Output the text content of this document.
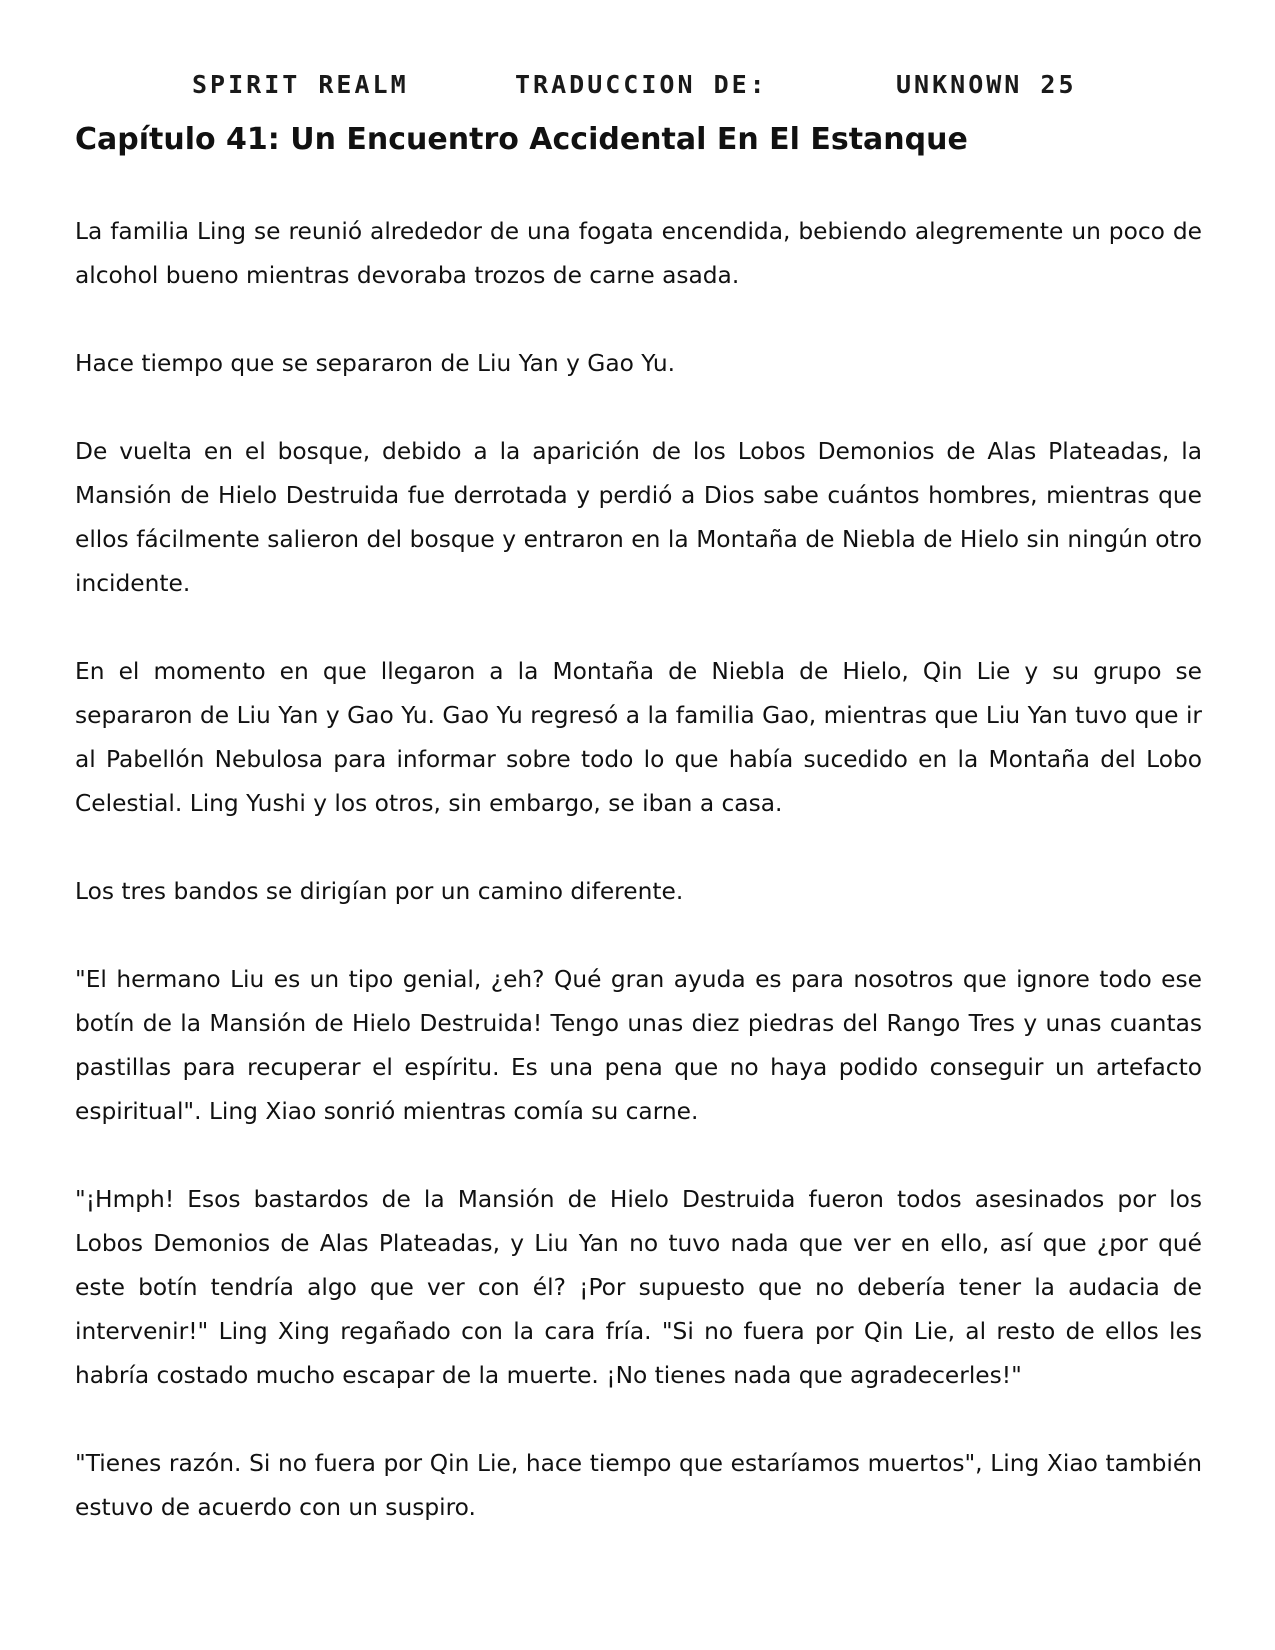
SPIRIT REALM	TRADUCCION DE:	UNKNOWN 25
Capítulo 41: Un Encuentro Accidental En El Estanque

La familia Ling se reunió alrededor de una fogata encendida, bebiendo alegremente un poco de alcohol bueno mientras devoraba trozos de carne asada.

Hace tiempo que se separaron de Liu Yan y Gao Yu.

De vuelta en el bosque, debido a la aparición de los Lobos Demonios de Alas Plateadas, la Mansión de Hielo Destruida fue derrotada y perdió a Dios sabe cuántos hombres, mientras que ellos fácilmente salieron del bosque y entraron en la Montaña de Niebla de Hielo sin ningún otro incidente.

En el momento en que llegaron a la Montaña de Niebla de Hielo, Qin Lie y su grupo se separaron de Liu Yan y Gao Yu. Gao Yu regresó a la familia Gao, mientras que Liu Yan tuvo que ir al Pabellón Nebulosa para informar sobre todo lo que había sucedido en la Montaña del Lobo Celestial. Ling Yushi y los otros, sin embargo, se iban a casa.

Los tres bandos se dirigían por un camino diferente.

"El hermano Liu es un tipo genial, ¿eh? Qué gran ayuda es para nosotros que ignore todo ese botín de la Mansión de Hielo Destruida! Tengo unas diez piedras del Rango Tres y unas cuantas pastillas para recuperar el espíritu. Es una pena que no haya podido conseguir un artefacto espiritual". Ling Xiao sonrió mientras comía su carne.

"¡Hmph! Esos bastardos de la Mansión de Hielo Destruida fueron todos asesinados por los Lobos Demonios de Alas Plateadas, y Liu Yan no tuvo nada que ver en ello, así que ¿por qué este botín tendría algo que ver con él? ¡Por supuesto que no debería tener la audacia de intervenir!" Ling Xing regañado con la cara fría. "Si no fuera por Qin Lie, al resto de ellos les habría costado mucho escapar de la muerte. ¡No tienes nada que agradecerles!"

"Tienes razón. Si no fuera por Qin Lie, hace tiempo que estaríamos muertos", Ling Xiao también estuvo de acuerdo con un suspiro.
